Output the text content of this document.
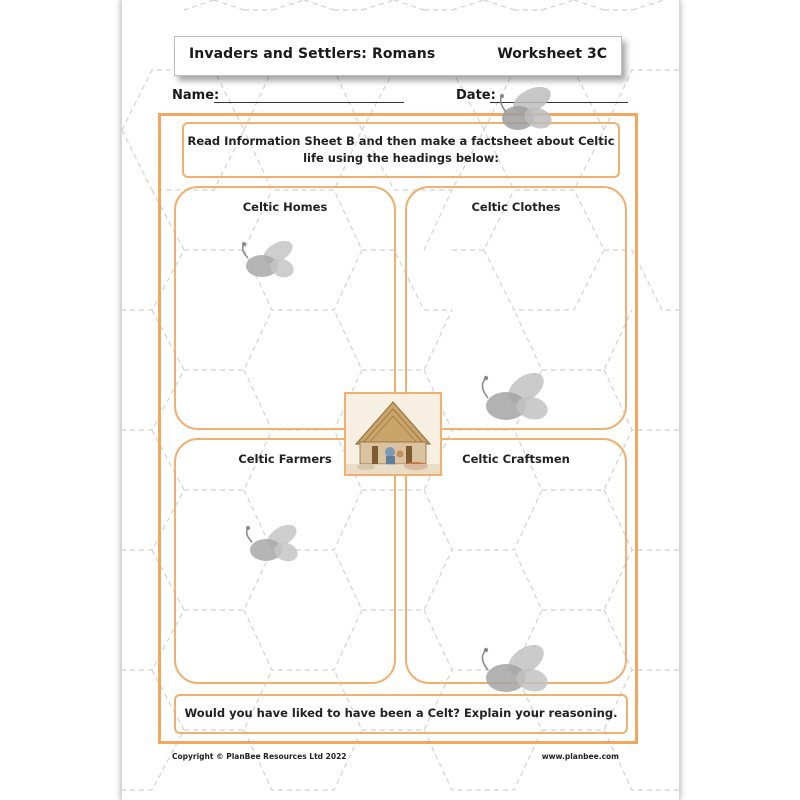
Invaders and Settlers: Romans	Worksheet 3C
Name:	Date:
Read Information Sheet B and then make a factsheet about Celtic life using the headings below:
Celtic Homes	Celtic Clothes
Celtic Farmers	Celtic Craftsmen
Would you have liked to have been a Celt? Explain your reasoning.
Copyright © PlanBee Resources Ltd 2022	www.planbee.com
